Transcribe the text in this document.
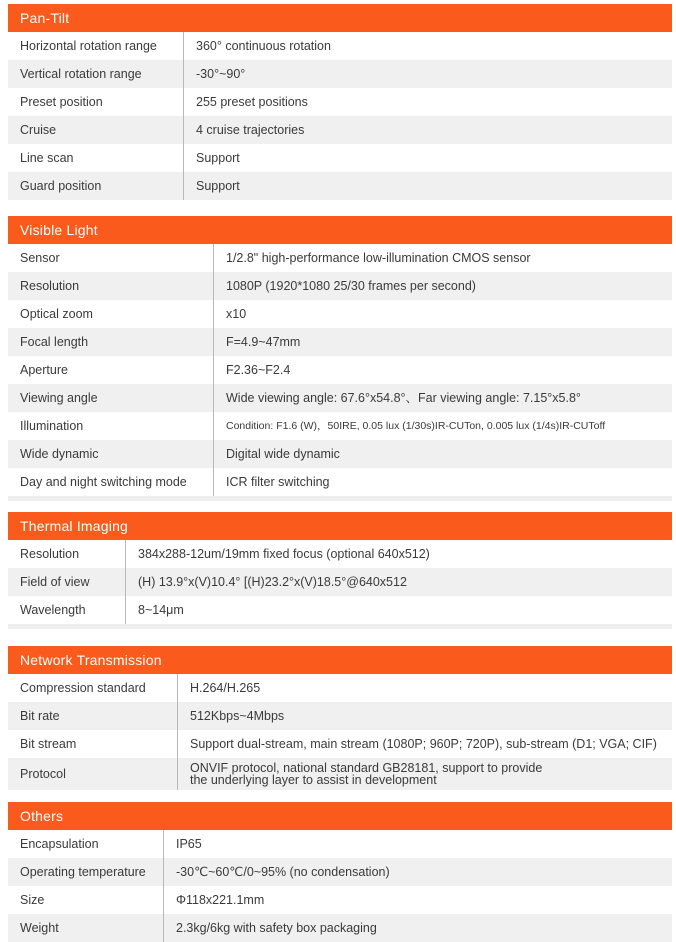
Pan-Tilt
Horizontal rotation range	360° continuous rotation
Vertical rotation range	-30°~90°
Preset position	255 preset positions
Cruise	4 cruise trajectories
Line scan	Support
Guard position	Support
Visible Light
Sensor	1/2.8" high-performance low-illumination CMOS sensor
Resolution	1080P (1920*1080 25/30 frames per second)
Optical zoom	x10
Focal length	F=4.9~47mm
Aperture	F2.36~F2.4
Viewing angle	Wide viewing angle: 67.6°x54.8°、Far viewing angle: 7.15°x5.8°
Illumination	Condition: F1.6 (W)，50IRE, 0.05 lux (1/30s)IR-CUTon, 0.005 lux (1/4s)IR-CUToff
Wide dynamic	Digital wide dynamic
Day and night switching mode	ICR filter switching
Thermal Imaging
Resolution	384x288-12um/19mm fixed focus (optional 640x512)
Field of view	(H) 13.9°x(V)10.4° [(H)23.2°x(V)18.5°@640x512
Wavelength	8~14μm
Network Transmission
Compression standard	H.264/H.265
Bit rate	512Kbps~4Mbps
Bit stream	Support dual-stream, main stream (1080P; 960P; 720P), sub-stream (D1; VGA; CIF)
Protocol	ONVIF protocol, national standard GB28181, support to provide the underlying layer to assist in development
Others
Encapsulation	IP65
Operating temperature	-30℃~60℃/0~95% (no condensation)
Size	Φ118x221.1mm
Weight	2.3kg/6kg with safety box packaging
